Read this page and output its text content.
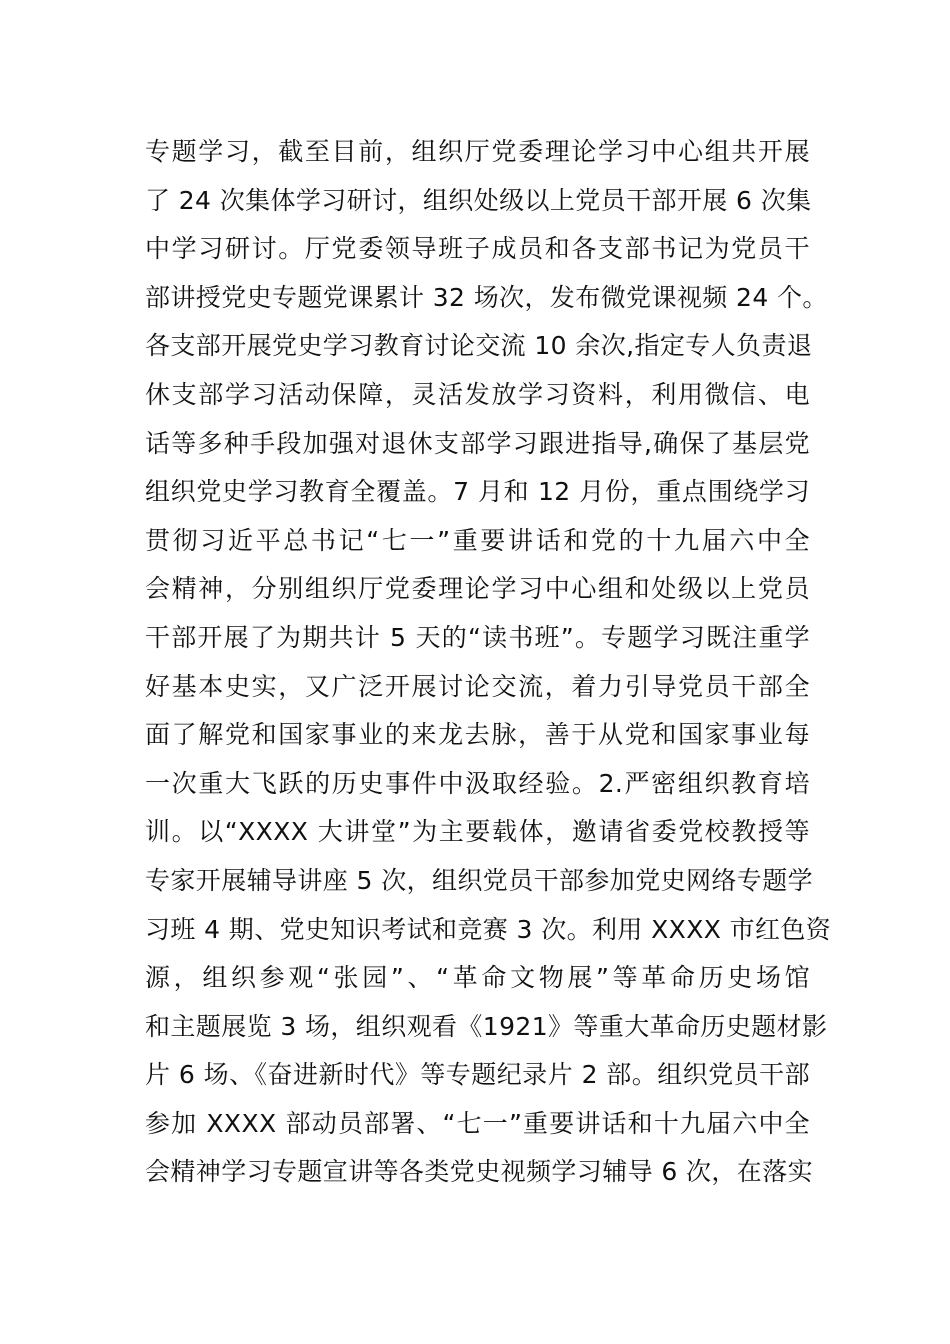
专题学习，截至目前，组织厅党委理论学习中心组共开展
了 24 次集体学习研讨，组织处级以上党员干部开展 6 次集
中学习研讨。厅党委领导班子成员和各支部书记为党员干
部讲授党史专题党课累计 32 场次，发布微党课视频 24 个。
各支部开展党史学习教育讨论交流 10 余次,指定专人负责退
休支部学习活动保障，灵活发放学习资料，利用微信、电
话等多种手段加强对退休支部学习跟进指导,确保了基层党
组织党史学习教育全覆盖。7 月和 12 月份，重点围绕学习
贯彻习近平总书记“七一”重要讲话和党的十九届六中全
会精神，分别组织厅党委理论学习中心组和处级以上党员
干部开展了为期共计 5 天的“读书班”。专题学习既注重学
好基本史实，又广泛开展讨论交流，着力引导党员干部全
面了解党和国家事业的来龙去脉，善于从党和国家事业每
一次重大飞跃的历史事件中汲取经验。2.严密组织教育培
训。以“XXXX 大讲堂”为主要载体，邀请省委党校教授等
专家开展辅导讲座 5 次，组织党员干部参加党史网络专题学
习班 4 期、党史知识考试和竞赛 3 次。利用 XXXX 市红色资
源，组织参观“张园”、“革命文物展”等革命历史场馆
和主题展览 3 场，组织观看《1921》等重大革命历史题材影
片 6 场、《奋进新时代》等专题纪录片 2 部。组织党员干部
参加 XXXX 部动员部署、“七一”重要讲话和十九届六中全
会精神学习专题宣讲等各类党史视频学习辅导 6 次，在落实
